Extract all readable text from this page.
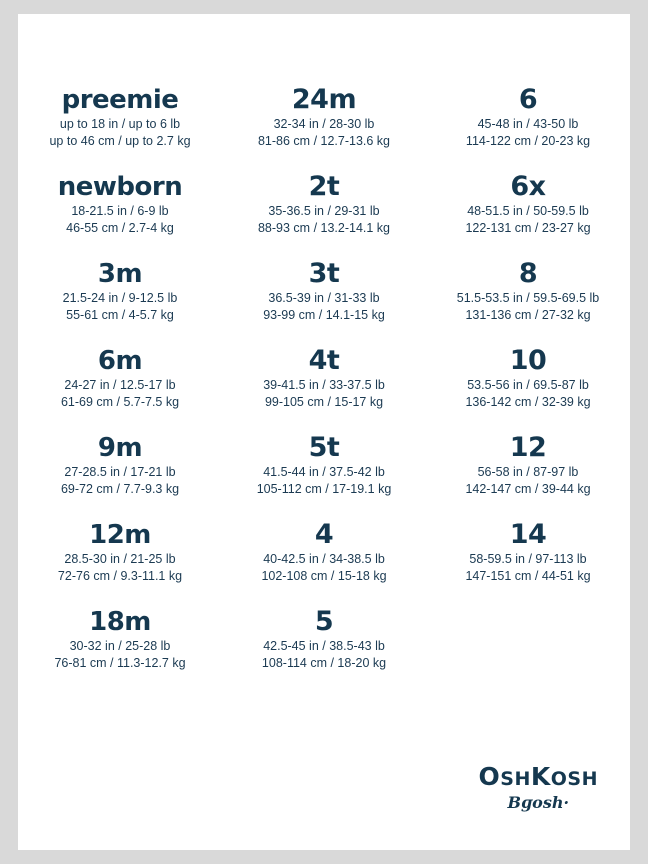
preemie
up to 18 in / up to 6 lb
up to 46 cm / up to 2.7 kg
newborn
18-21.5 in / 6-9 lb
46-55 cm / 2.7-4 kg
3m
21.5-24 in / 9-12.5 lb
55-61 cm / 4-5.7 kg
6m
24-27 in / 12.5-17 lb
61-69 cm / 5.7-7.5 kg
9m
27-28.5 in / 17-21 lb
69-72 cm / 7.7-9.3 kg
12m
28.5-30 in / 21-25 lb
72-76 cm / 9.3-11.1 kg
18m
30-32 in / 25-28 lb
76-81 cm / 11.3-12.7 kg
24m
32-34 in / 28-30 lb
81-86 cm / 12.7-13.6 kg
2t
35-36.5 in / 29-31 lb
88-93 cm / 13.2-14.1 kg
3t
36.5-39 in / 31-33 lb
93-99 cm / 14.1-15 kg
4t
39-41.5 in / 33-37.5 lb
99-105 cm / 15-17 kg
5t
41.5-44 in / 37.5-42 lb
105-112 cm / 17-19.1 kg
4
40-42.5 in / 34-38.5 lb
102-108 cm / 15-18 kg
5
42.5-45 in / 38.5-43 lb
108-114 cm / 18-20 kg
6
45-48 in / 43-50 lb
114-122 cm / 20-23 kg
6x
48-51.5 in / 50-59.5 lb
122-131 cm / 23-27 kg
8
51.5-53.5 in / 59.5-69.5 lb
131-136 cm / 27-32 kg
10
53.5-56 in / 69.5-87 lb
136-142 cm / 32-39 kg
12
56-58 in / 87-97 lb
142-147 cm / 39-44 kg
14
58-59.5 in / 97-113 lb
147-151 cm / 44-51 kg
OSHKOSH
Bɡosh·
